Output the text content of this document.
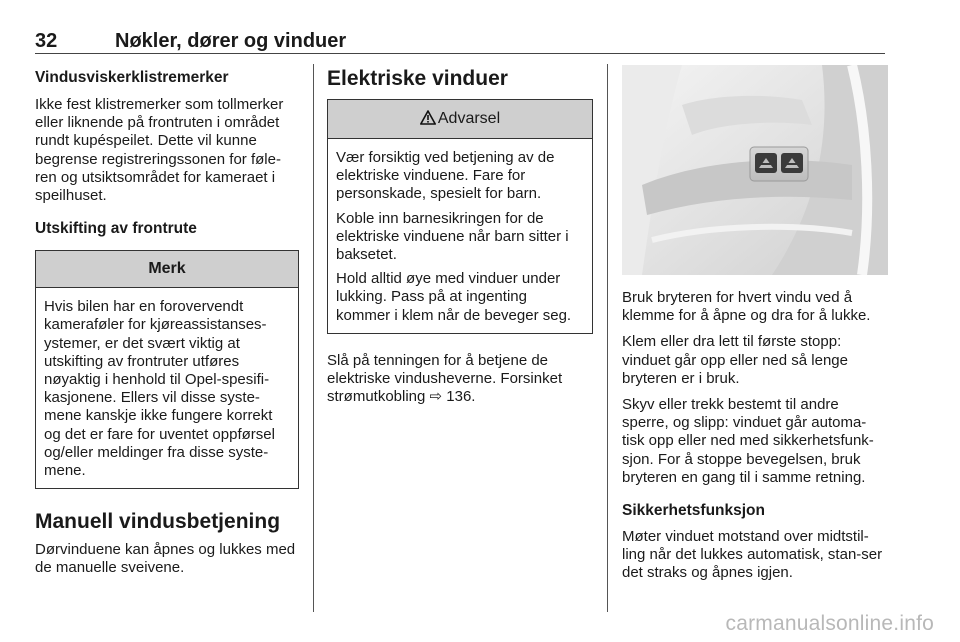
32	Nøkler, dører og vinduer
Vindusviskerklistremerker

Ikke fest klistremerker som tollmerker eller liknende på frontruten i området rundt kupéspeilet. Dette vil kunne begrense registreringssonen for føle-ren og utsiktsområdet for kameraet i speilhuset.

Utskifting av frontrute
Merk

Hvis bilen har en forovervendt kameraføler for kjøreassistanses-ystemer, er det svært viktig at utskifting av frontruter utføres nøyaktig i henhold til Opel-spesifi-kasjonene. Ellers vil disse syste-mene kanskje ikke fungere korrekt og det er fare for uventet oppførsel og/eller meldinger fra disse syste-mene.

Manuell vindusbetjening

Dørvinduene kan åpnes og lukkes med de manuelle sveivene.

Elektriske vinduer
Advarsel

Vær forsiktig ved betjening av de elektriske vinduene. Fare for personskade, spesielt for barn.

Koble inn barnesikringen for de elektriske vinduene når barn sitter i baksetet.

Hold alltid øye med vinduer under lukking. Pass på at ingenting kommer i klem når de beveger seg.

Slå på tenningen for å betjene de elektriske vindusheverne. Forsinket strømutkobling ⇨ 136.

Bruk bryteren for hvert vindu ved å klemme for å åpne og dra for å lukke.

Klem eller dra lett til første stopp: vinduet går opp eller ned så lenge bryteren er i bruk.

Skyv eller trekk bestemt til andre sperre, og slipp: vinduet går automa-tisk opp eller ned med sikkerhetsfunk-sjon. For å stoppe bevegelsen, bruk bryteren en gang til i samme retning.

Sikkerhetsfunksjon

Møter vinduet motstand over midtstil-ling når det lukkes automatisk, stan-ser det straks og åpnes igjen.

carmanualsonline.info
